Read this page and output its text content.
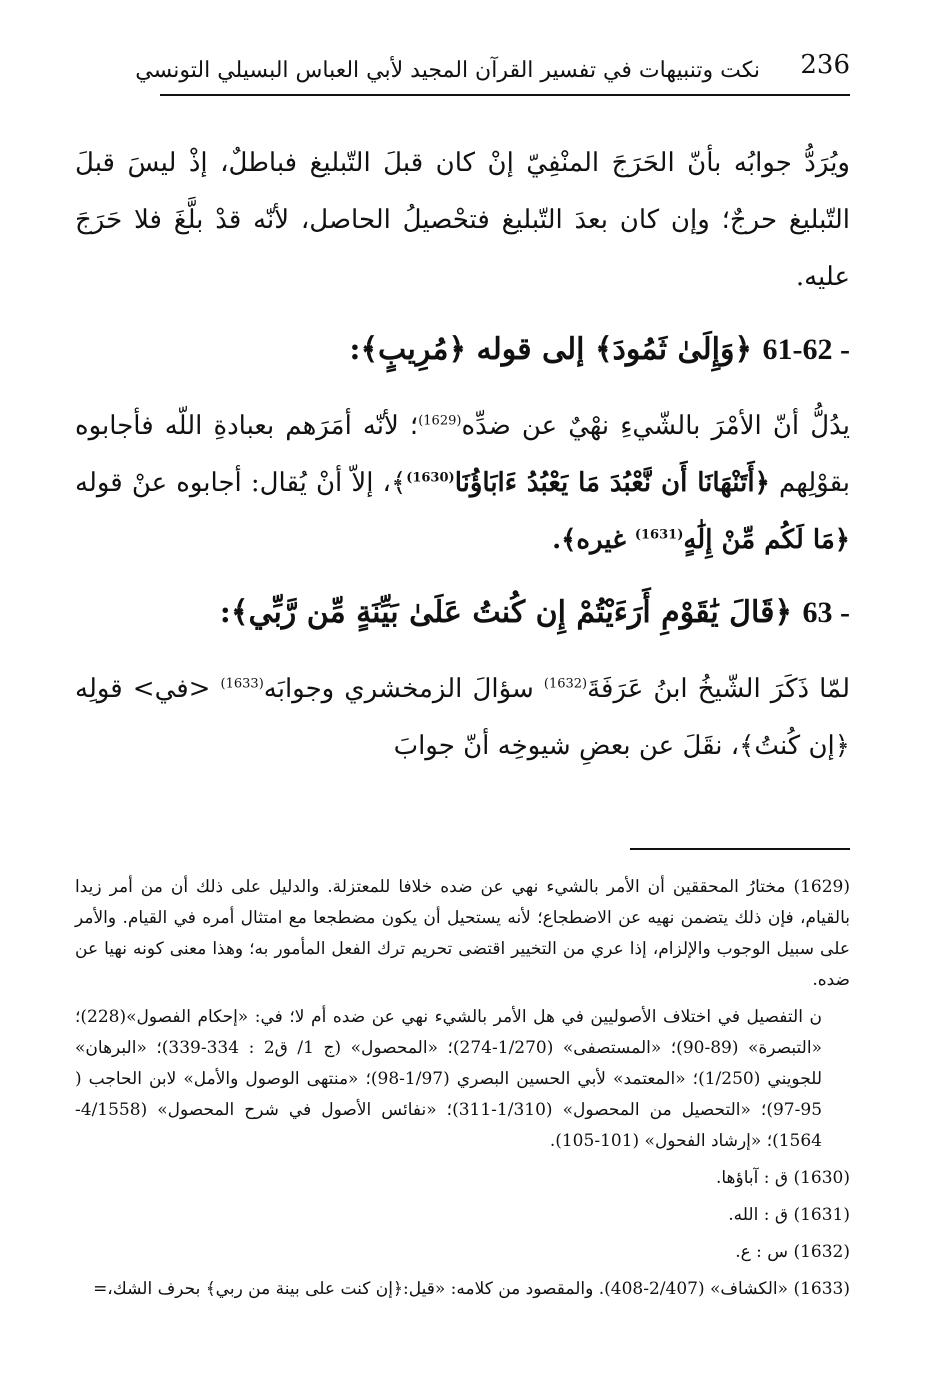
236
نكت وتنبيهات في تفسير القرآن المجيد لأبي العباس البسيلي التونسي

ويُرَدُّ جوابُه بأنّ الحَرَجَ المنْفِيّ إنْ كان قبلَ التّبليغ فباطلٌ، إذْ ليسَ قبلَ التّبليغ حرجٌ؛ وإن كان بعدَ التّبليغ فتحْصيلُ الحاصل، لأنّه قدْ بلَّغَ فلا حَرَجَ عليه.

61-62 - ﴿وَإِلَىٰ ثَمُودَ﴾ إلى قوله ﴿مُرِيبٍ﴾:

يدُلُّ أنّ الأمْرَ بالشّيءِ نهْيٌ عن ضدِّه$^{(1629)}$؛ لأنّه أمَرَهم بعبادةِ اللّه فأجابوه بقوْلِهم ﴿أَتَنْهَانَا أَن نَّعْبُدَ مَا يَعْبُدُ ءَابَاؤُنَا$^{(1630)}$﴾، إلاّ أنْ يُقال: أجابوه عنْ قوله ﴿مَا لَكُم مِّنْ إِلَٰهٍ$^{(1631)}$ غيره﴾.

63 - ﴿قَالَ يَٰقَوْمِ أَرَءَيْتُمْ إِن كُنتُ عَلَىٰ بَيِّنَةٍ مِّن رَّبِّي﴾:

لمّا ذَكَرَ الشّيخُ ابنُ عَرَفَةَ$^{(1632)}$ سؤالَ الزمخشري وجوابَه$^{(1633)}$ <في> قولِه ﴿إن كُنتُ﴾، نقَلَ عن بعضِ شيوخِه أنّ جوابَ

(1629) مختارُ المحققين أن الأمر بالشيء نهي عن ضده خلافا للمعتزلة. والدليل على ذلك أن من أمر زيدا بالقيام، فإن ذلك يتضمن نهيه عن الاضطجاع؛ لأنه يستحيل أن يكون مضطجعا مع امتثال أمره في القيام. والأمر على سبيل الوجوب والإلزام، إذا عري من التخيير اقتضى تحريم ترك الفعل المأمور به؛ وهذا معنى كونه نهيا عن ضده.

ن التفصيل في اختلاف الأصوليين في هل الأمر بالشيء نهي عن ضده أم لا؛ في: «إحكام الفصول»(228)؛ «التبصرة» (89-90)؛ «المستصفى» (1/270-274)؛ «المحصول» (ج 1/ ق2 : 334-339)؛ «البرهان» للجويني (1/250)؛ «المعتمد» لأبي الحسين البصري (1/97-98)؛ «منتهى الوصول والأمل» لابن الحاجب ( 95-97)؛ «التحصيل من المحصول» (1/310-311)؛ «نفائس الأصول في شرح المحصول» (4/1558-1564)؛ «إرشاد الفحول» (101-105).

(1630) ق : آباؤها.

(1631) ق : الله.

(1632) س : ع.

(1633) «الكشاف» (2/407-408). والمقصود من كلامه: «قيل:﴿إن كنت على بينة من ربي﴾ بحرف الشك،=
